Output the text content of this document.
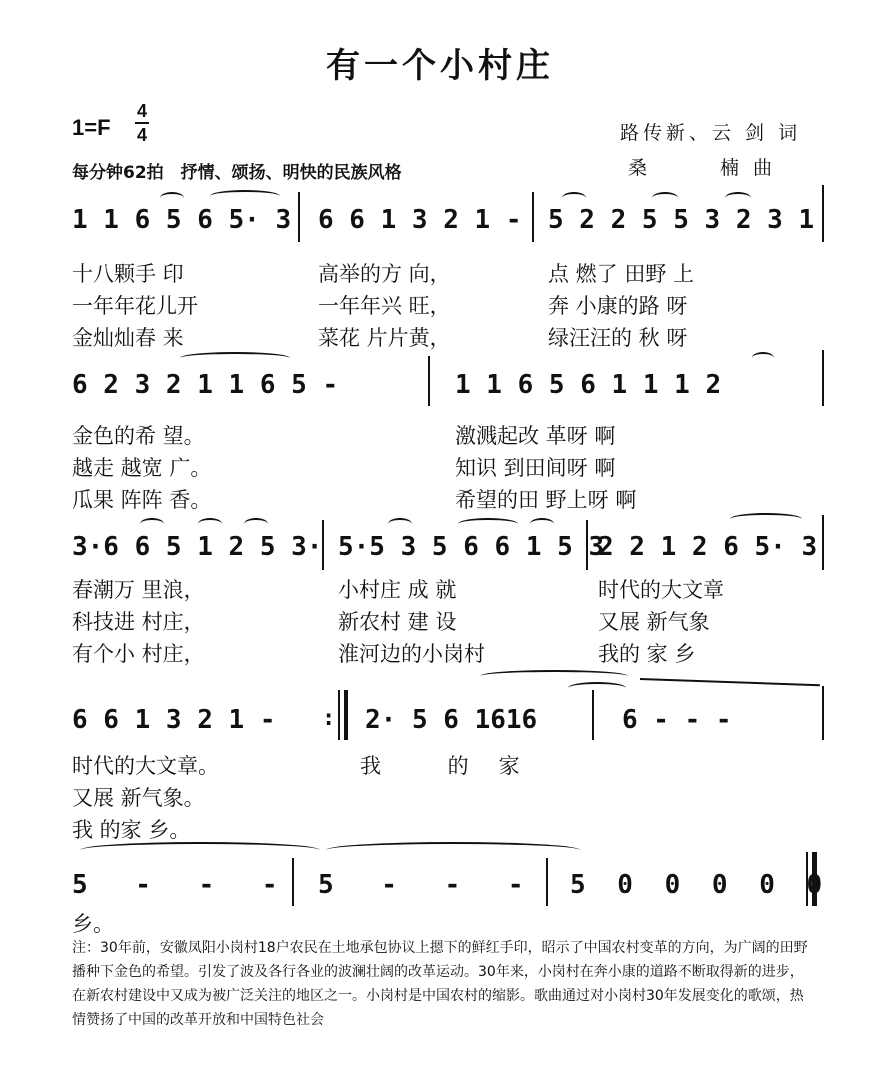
有一个小村庄
1=F
4
4
每分钟62拍　抒情、颂扬、明快的民族风格
路传新、云 剑 词
桑　　　楠 曲
1 1 6 5 6 5· 3 6 6 1 3 2 1 - 5 2 2 5 5 3 2 3 1
十八颗手 印	高举的方 向，	点 燃了 田野 上
一年年花儿开	一年年兴 旺，	奔 小康的路 呀
金灿灿春 来	菜花 片片黄，	绿汪汪的 秋 呀
6 2 3 2 1 1 6 5 -	1 1 6 5 6 1 1 1 2
金色的希 望。	激溅起改 革呀 啊
越走 越宽 广。	知识 到田间呀 啊
瓜果 阵阵 香。	希望的田 野上呀 啊
3·6 6 5 1 2 5 3· 5·5 3 5 6 6 1 5 3
2 2 1 2 6 5· 3
春潮万 里浪，	小村庄 成 就	时代的大文章
科技进 村庄，	新农村 建 设	又展 新气象
有个小 村庄，	淮河边的小岗村	我的 家 乡
:
6 6 1 3 2 1 -	2· 5 6 1616	6 - - -
时代的大文章。	我 的家
又展 新气象。
我 的家 乡。
5 - - - 5 - - - 5 0 0 0 0 0
乡。
注：30年前，安徽凤阳小岗村18户农民在土地承包协议上摁下的鲜红手印，昭示了中国农村变革的方向，为广阔的田野播种下金色的希望。引发了波及各行各业的波澜壮阔的改革运动。30年来，小岗村在奔小康的道路不断取得新的进步，在新农村建设中又成为被广泛关注的地区之一。小岗村是中国农村的缩影。歌曲通过对小岗村30年发展变化的歌颂，热情赞扬了中国的改革开放和中国特色社会
